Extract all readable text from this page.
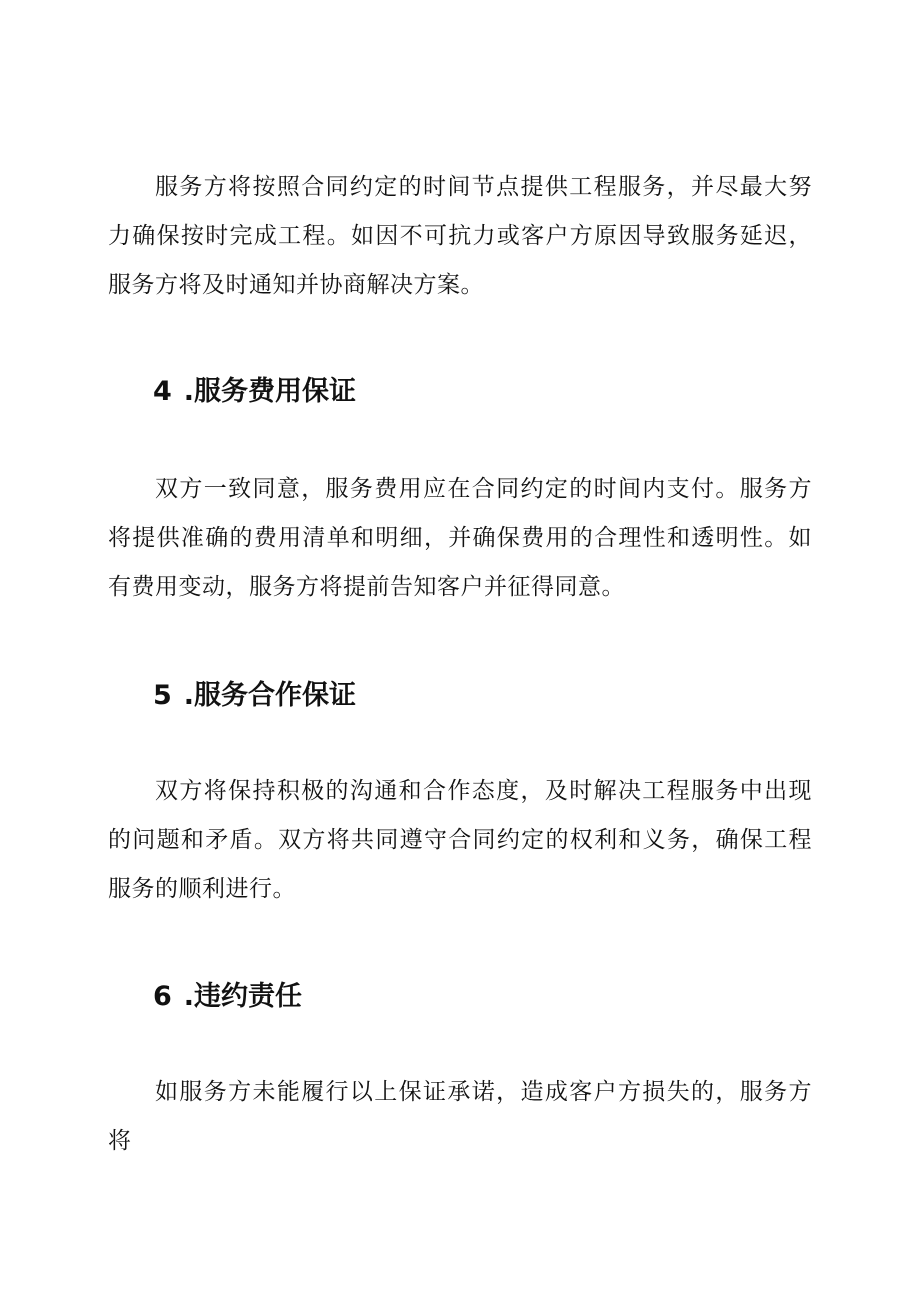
服务方将按照合同约定的时间节点提供工程服务，并尽最大努力确保按时完成工程。如因不可抗力或客户方原因导致服务延迟，服务方将及时通知并协商解决方案。

4 .服务费用保证

双方一致同意，服务费用应在合同约定的时间内支付。服务方将提供准确的费用清单和明细，并确保费用的合理性和透明性。如有费用变动，服务方将提前告知客户并征得同意。

5 .服务合作保证

双方将保持积极的沟通和合作态度，及时解决工程服务中出现的问题和矛盾。双方将共同遵守合同约定的权利和义务，确保工程服务的顺利进行。

6 .违约责任

如服务方未能履行以上保证承诺，造成客户方损失的，服务方将
